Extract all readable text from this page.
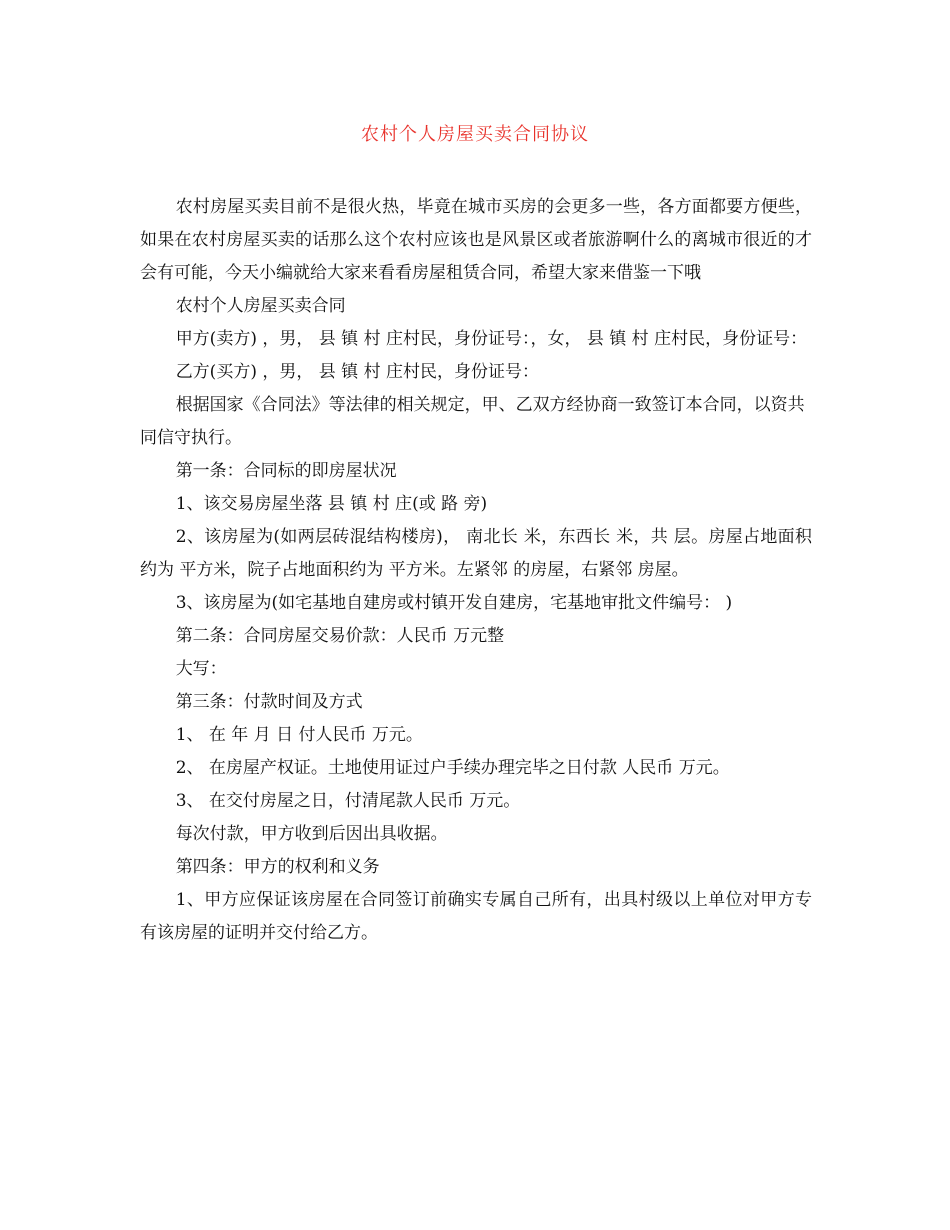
农村个人房屋买卖合同协议

农村房屋买卖目前不是很火热，毕竟在城市买房的会更多一些，各方面都要方便些，如果在农村房屋买卖的话那么这个农村应该也是风景区或者旅游啊什么的离城市很近的才会有可能，今天小编就给大家来看看房屋租赁合同，希望大家来借鉴一下哦

农村个人房屋买卖合同

甲方(卖方) ，男， 县 镇 村 庄村民，身份证号：，女， 县 镇 村 庄村民，身份证号：

乙方(买方) ，男， 县 镇 村 庄村民，身份证号：

根据国家《合同法》等法律的相关规定，甲、乙双方经协商一致签订本合同，以资共同信守执行。

第一条：合同标的即房屋状况

1、该交易房屋坐落 县 镇 村 庄(或 路 旁)

2、该房屋为(如两层砖混结构楼房)， 南北长 米，东西长 米，共 层。房屋占地面积约为 平方米，院子占地面积约为 平方米。左紧邻 的房屋，右紧邻 房屋。

3、该房屋为(如宅基地自建房或村镇开发自建房，宅基地审批文件编号： )

第二条：合同房屋交易价款：人民币 万元整

大写：

第三条：付款时间及方式

1、 在 年 月 日 付人民币 万元。

2、 在房屋产权证。土地使用证过户手续办理完毕之日付款 人民币 万元。

3、 在交付房屋之日，付清尾款人民币 万元。

每次付款，甲方收到后因出具收据。

第四条：甲方的权利和义务

1、甲方应保证该房屋在合同签订前确实专属自己所有，出具村级以上单位对甲方专有该房屋的证明并交付给乙方。
